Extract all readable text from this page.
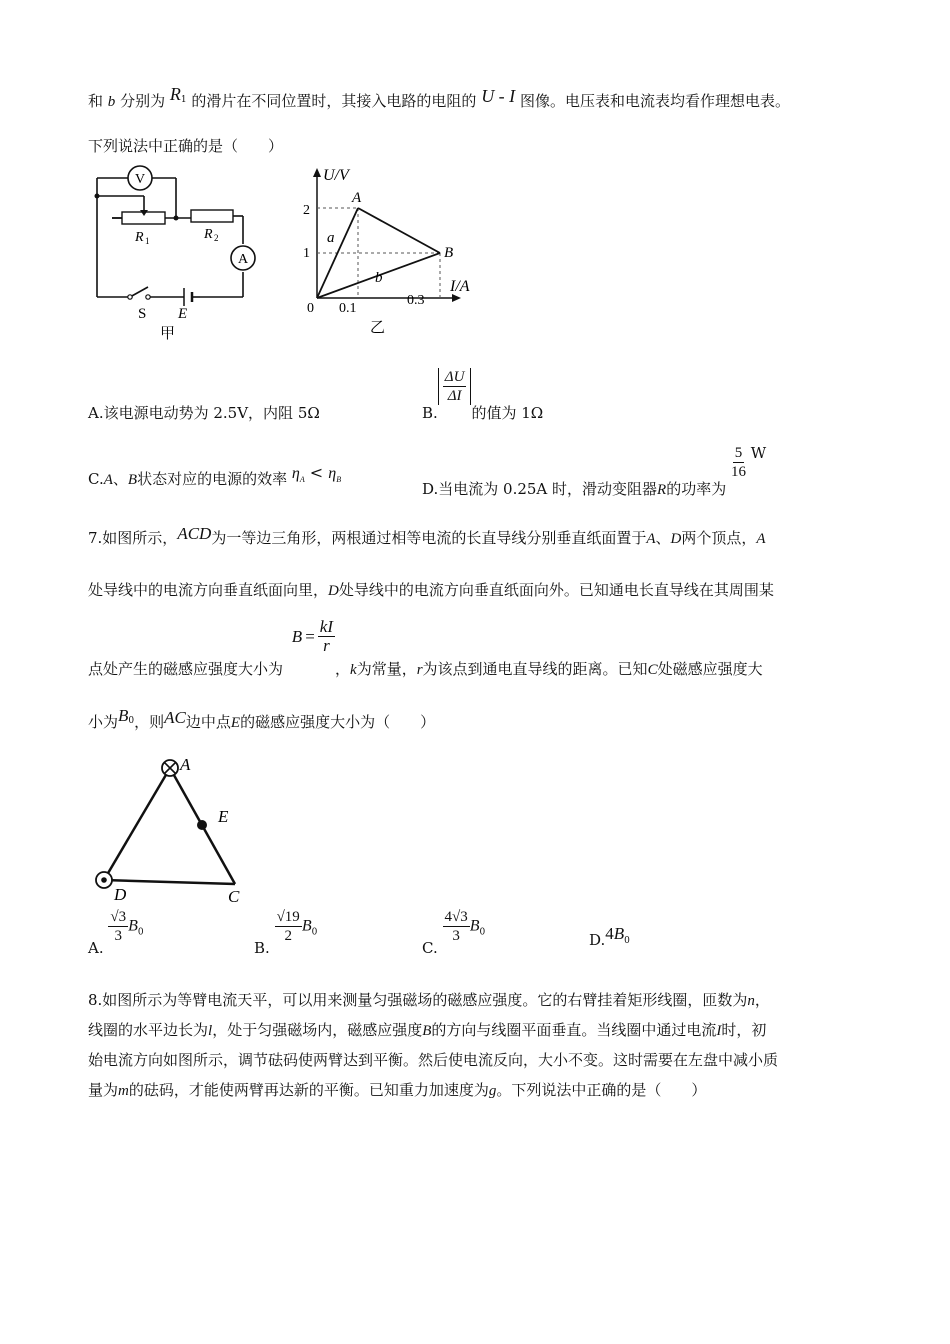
和 b 分别为 $R^1$ 的滑片在不同位置时，其接入电路的电阻的 U - I 图像。电压表和电流表均看作理想电表。
下列说法中正确的是（　　）
V
A
R 1	R 2
S E
甲
U/V
I/A
A
B
a
b
2
1
0 0.1
0.3
乙
A.该电源电动势为 2.5V，内阻 5Ω	B.
$\frac{\Delta U}{\Delta I}$
的值为 1Ω
C.A、B状态对应的电源的效率 $\eta_A < \eta_B$
D.当电流为 0.25A 时，滑动变阻器R的功率为
$\frac{5}{16}$ W
7.如图所示，ACD为一等边三角形，两根通过相等电流的长直导线分别垂直纸面置于A、D两个顶点，A
处导线中的电流方向垂直纸面向里，D处导线中的电流方向垂直纸面向外。已知通电长直导线在其周围某
点处产生的磁感应强度大小为
$B = \frac{kI}{r}$
，k为常量，r为该点到通电直导线的距离。已知C处磁感应强度大
小为$B^0$，则AC边中点E的磁感应强度大小为（　　）
A
D	C
E
A.
$\frac{√3}{3} B_0$
B.
$\frac{√19}{2} B_0$
C.
$\frac{4√3}{3} B_0$	$D.4B_0$
8.如图所示为等臂电流天平，可以用来测量匀强磁场的磁感应强度。它的右臂挂着矩形线圈，匝数为n，
线圈的水平边长为l，处于匀强磁场内，磁感应强度B的方向与线圈平面垂直。当线圈中通过电流I时，初
始电流方向如图所示，调节砝码使两臂达到平衡。然后使电流反向，大小不变。这时需要在左盘中减小质
量为m的砝码，才能使两臂再达新的平衡。已知重力加速度为g。下列说法中正确的是（　　）
